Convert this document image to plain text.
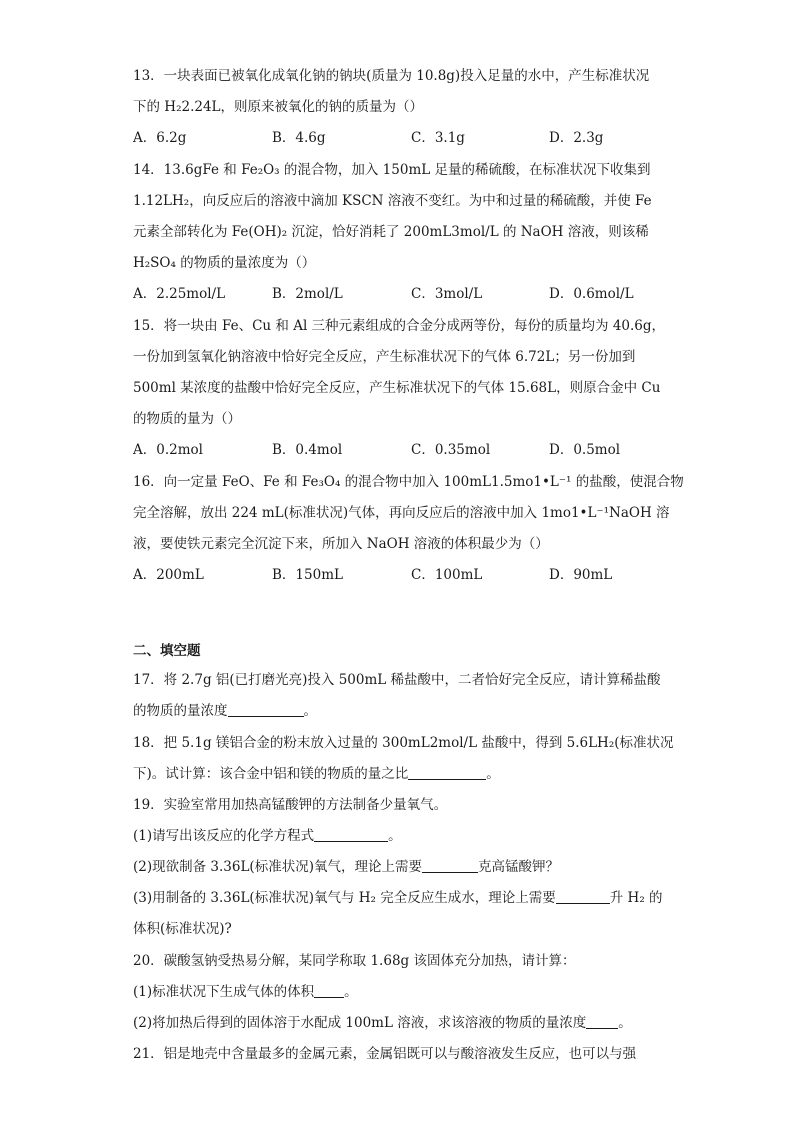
13．一块表面已被氧化成氧化钠的钠块(质量为 10.8g)投入足量的水中，产生标准状况
下的 H₂2.24L，则原来被氧化的钠的质量为（）
A．6.2g	B．4.6g	C．3.1g	D．2.3g
14．13.6gFe 和 Fe₂O₃ 的混合物，加入 150mL 足量的稀硫酸，在标准状况下收集到
1.12LH₂，向反应后的溶液中滴加 KSCN 溶液不变红。为中和过量的稀硫酸，并使 Fe
元素全部转化为 Fe(OH)₂ 沉淀，恰好消耗了 200mL3mol/L 的 NaOH 溶液，则该稀
H₂SO₄ 的物质的量浓度为（）
A．2.25mol/L	B．2mol/L	C．3mol/L	D．0.6mol/L
15．将一块由 Fe、Cu 和 Al 三种元素组成的合金分成两等份，每份的质量均为 40.6g，
一份加到氢氧化钠溶液中恰好完全反应，产生标准状况下的气体 6.72L；另一份加到
500ml 某浓度的盐酸中恰好完全反应，产生标准状况下的气体 15.68L，则原合金中 Cu
的物质的量为（）
A．0.2mol	B．0.4mol	C．0.35mol	D．0.5mol
16．向一定量 FeO、Fe 和 Fe₃O₄ 的混合物中加入 100mL1.5mo1•L⁻¹ 的盐酸，使混合物
完全溶解，放出 224 mL(标准状况)气体，再向反应后的溶液中加入 1mo1•L⁻¹NaOH 溶
液，要使铁元素完全沉淀下来，所加入 NaOH 溶液的体积最少为（）
A．200mL	B．150mL	C．100mL	D．90mL
二、填空题
17．将 2.7g 铝(已打磨光亮)投入 500mL 稀盐酸中，二者恰好完全反应，请计算稀盐酸
的物质的量浓度	。
18．把 5.1g 镁铝合金的粉末放入过量的 300mL2mol/L 盐酸中，得到 5.6LH₂(标准状况
下)。试计算：该合金中铝和镁的物质的量之比	。
19．实验室常用加热高锰酸钾的方法制备少量氧气。
(1)请写出该反应的化学方程式	。
(2)现欲制备 3.36L(标准状况)氧气，理论上需要	克高锰酸钾？
(3)用制备的 3.36L(标准状况)氧气与 H₂ 完全反应生成水，理论上需要	升 H₂ 的
体积(标准状况)?
20．碳酸氢钠受热易分解，某同学称取 1.68g 该固体充分加热，请计算：
(1)标准状况下生成气体的体积 。
(2)将加热后得到的固体溶于水配成 100mL 溶液，求该溶液的物质的量浓度 。
21．铝是地壳中含量最多的金属元素，金属铝既可以与酸溶液发生反应，也可以与强
